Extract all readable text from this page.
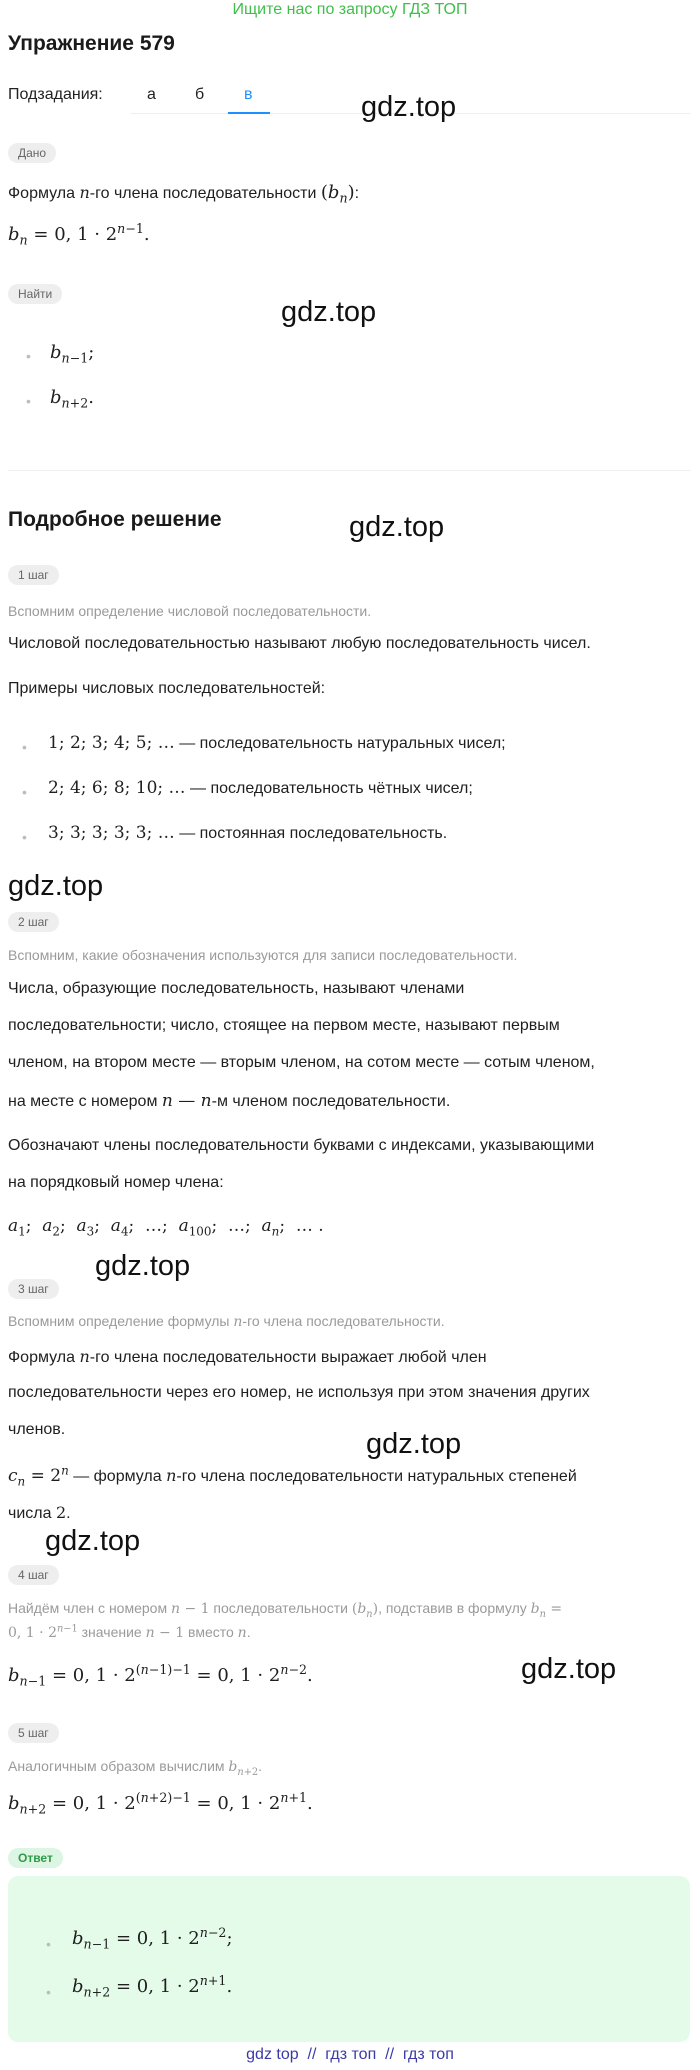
Ищите нас по запросу ГДЗ ТОП
Упражнение 579
Подзадания:	а б в	gdz.top
Дано
Формула n-го члена последовательности $(b_n)$:
$b_n = 0$, $1 \cdot 2^{n-1}$.
Найти
gdz.top
• $b_{n-1}$;
• $b_{n+2}$.
Подробное решение	gdz.top
1 шаг
Вспомним определение числовой последовательности.
Числовой последовательностью называют любую последовательность чисел.
Примеры числовых последовательностей:
• 1; 2; 3; 4; 5; … — последовательность натуральных чисел;
• 2; 4; 6; 8; 10; … — последовательность чётных чисел;
• 3; 3; 3; 3; 3; … — постоянная последовательность.
gdz.top
2 шаг
Вспомним, какие обозначения используются для записи последовательности.
Числа, образующие последовательность, называют членами
последовательности; число, стоящее на первом месте, называют первым
членом, на втором месте — вторым членом, на сотом месте — сотым членом,
на месте с номером n — n-м членом последовательности.
Обозначают члены последовательности буквами с индексами, указывающими
на порядковый номер члена:
$a_1$;  $a_2$;  $a_3$;  $a_4$;  …;  $a_{100}$;  …;  $a_n$;  … .
3 шаг
gdz.top
Вспомним определение формулы n-го члена последовательности.
Формула n-го члена последовательности выражает любой член
последовательности через его номер, не используя при этом значения других
членов.	gdz.top
$c_n = 2^n$ — формула n-го члена последовательности натуральных степеней
числа 2.
gdz.top
4 шаг
Найдём член с номером n − 1 последовательности $(b_n)$, подставив в формулу $b_n$ =
0, $1 \cdot 2^{n-1}$ значение n − 1 вместо n.
$b_{n-1} = 0$, $1 \cdot 2^{(n-1)-1} = 0$, $1 \cdot 2^{n-2}$.	gdz.top
5 шаг
Аналогичным образом вычислим $b_{n+2}$.
$b_{n+2} = 0$, $1 \cdot 2^{(n+2)-1} = 0$, $1 \cdot 2^{n+1}$.
Ответ
• $b_{n-1} = 0$, $1 \cdot 2^{n-2}$;
• $b_{n+2} = 0$, $1 \cdot 2^{n+1}$.
gdz top  //  гдз топ  //  гдз топ
